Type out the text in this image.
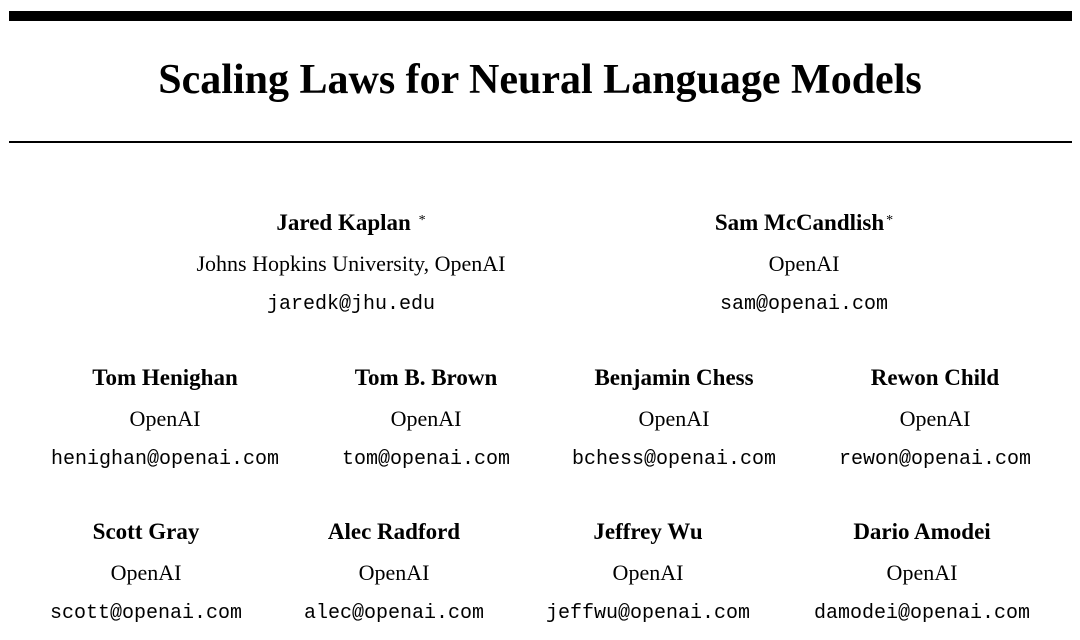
Scaling Laws for Neural Language Models
Jared Kaplan *
Johns Hopkins University, OpenAI
jaredk@jhu.edu
Sam McCandlish *
OpenAI
sam@openai.com
Tom Henighan
OpenAI
henighan@openai.com
Tom B. Brown
OpenAI
tom@openai.com
Benjamin Chess
OpenAI
bchess@openai.com
Rewon Child
OpenAI
rewon@openai.com
Scott Gray
OpenAI
scott@openai.com
Alec Radford
OpenAI
alec@openai.com
Jeffrey Wu
OpenAI
jeffwu@openai.com
Dario Amodei
OpenAI
damodei@openai.com
